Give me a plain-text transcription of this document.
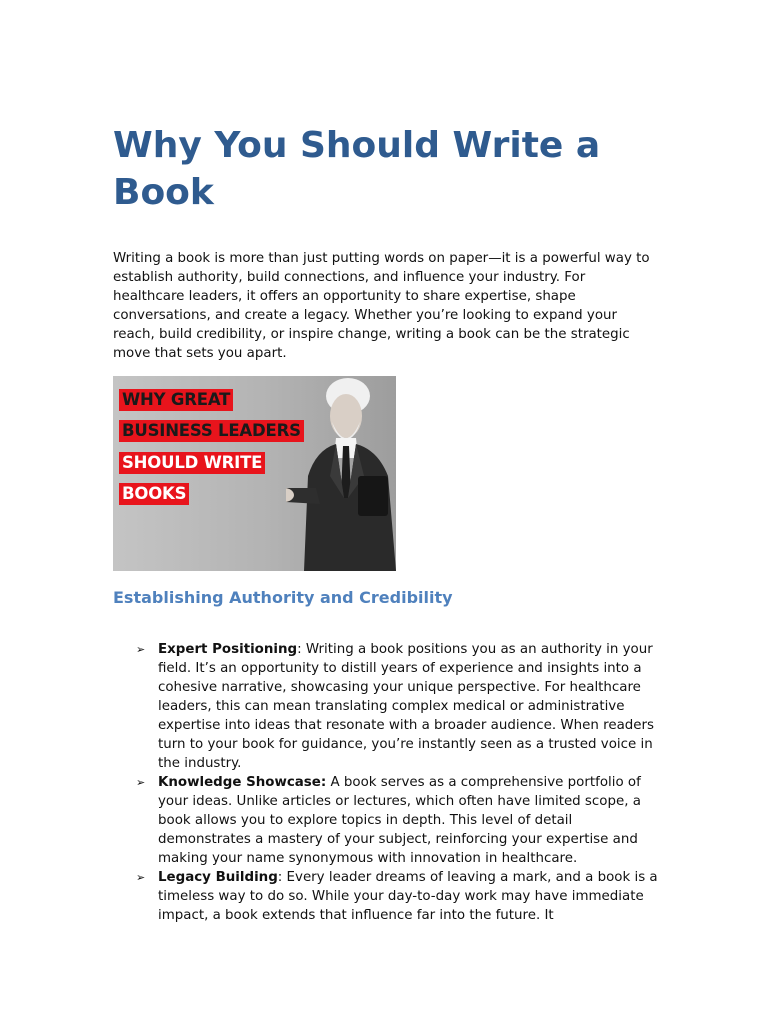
Why You Should Write a Book

Writing a book is more than just putting words on paper—it is a powerful way to establish authority, build connections, and influence your industry. For healthcare leaders, it offers an opportunity to share expertise, shape conversations, and create a legacy. Whether you’re looking to expand your reach, build credibility, or inspire change, writing a book can be the strategic move that sets you apart.

WHY GREAT
BUSINESS LEADERS
SHOULD WRITE
BOOKS
Establishing Authority and Credibility
➢ Expert Positioning: Writing a book positions you as an authority in your field. It’s an opportunity to distill years of experience and insights into a cohesive narrative, showcasing your unique perspective. For healthcare leaders, this can mean translating complex medical or administrative expertise into ideas that resonate with a broader audience. When readers turn to your book for guidance, you’re instantly seen as a trusted voice in the industry.
➢ Knowledge Showcase: A book serves as a comprehensive portfolio of your ideas. Unlike articles or lectures, which often have limited scope, a book allows you to explore topics in depth. This level of detail demonstrates a mastery of your subject, reinforcing your expertise and making your name synonymous with innovation in healthcare.
➢ Legacy Building: Every leader dreams of leaving a mark, and a book is a timeless way to do so. While your day-to-day work may have immediate impact, a book extends that influence far into the future. It
